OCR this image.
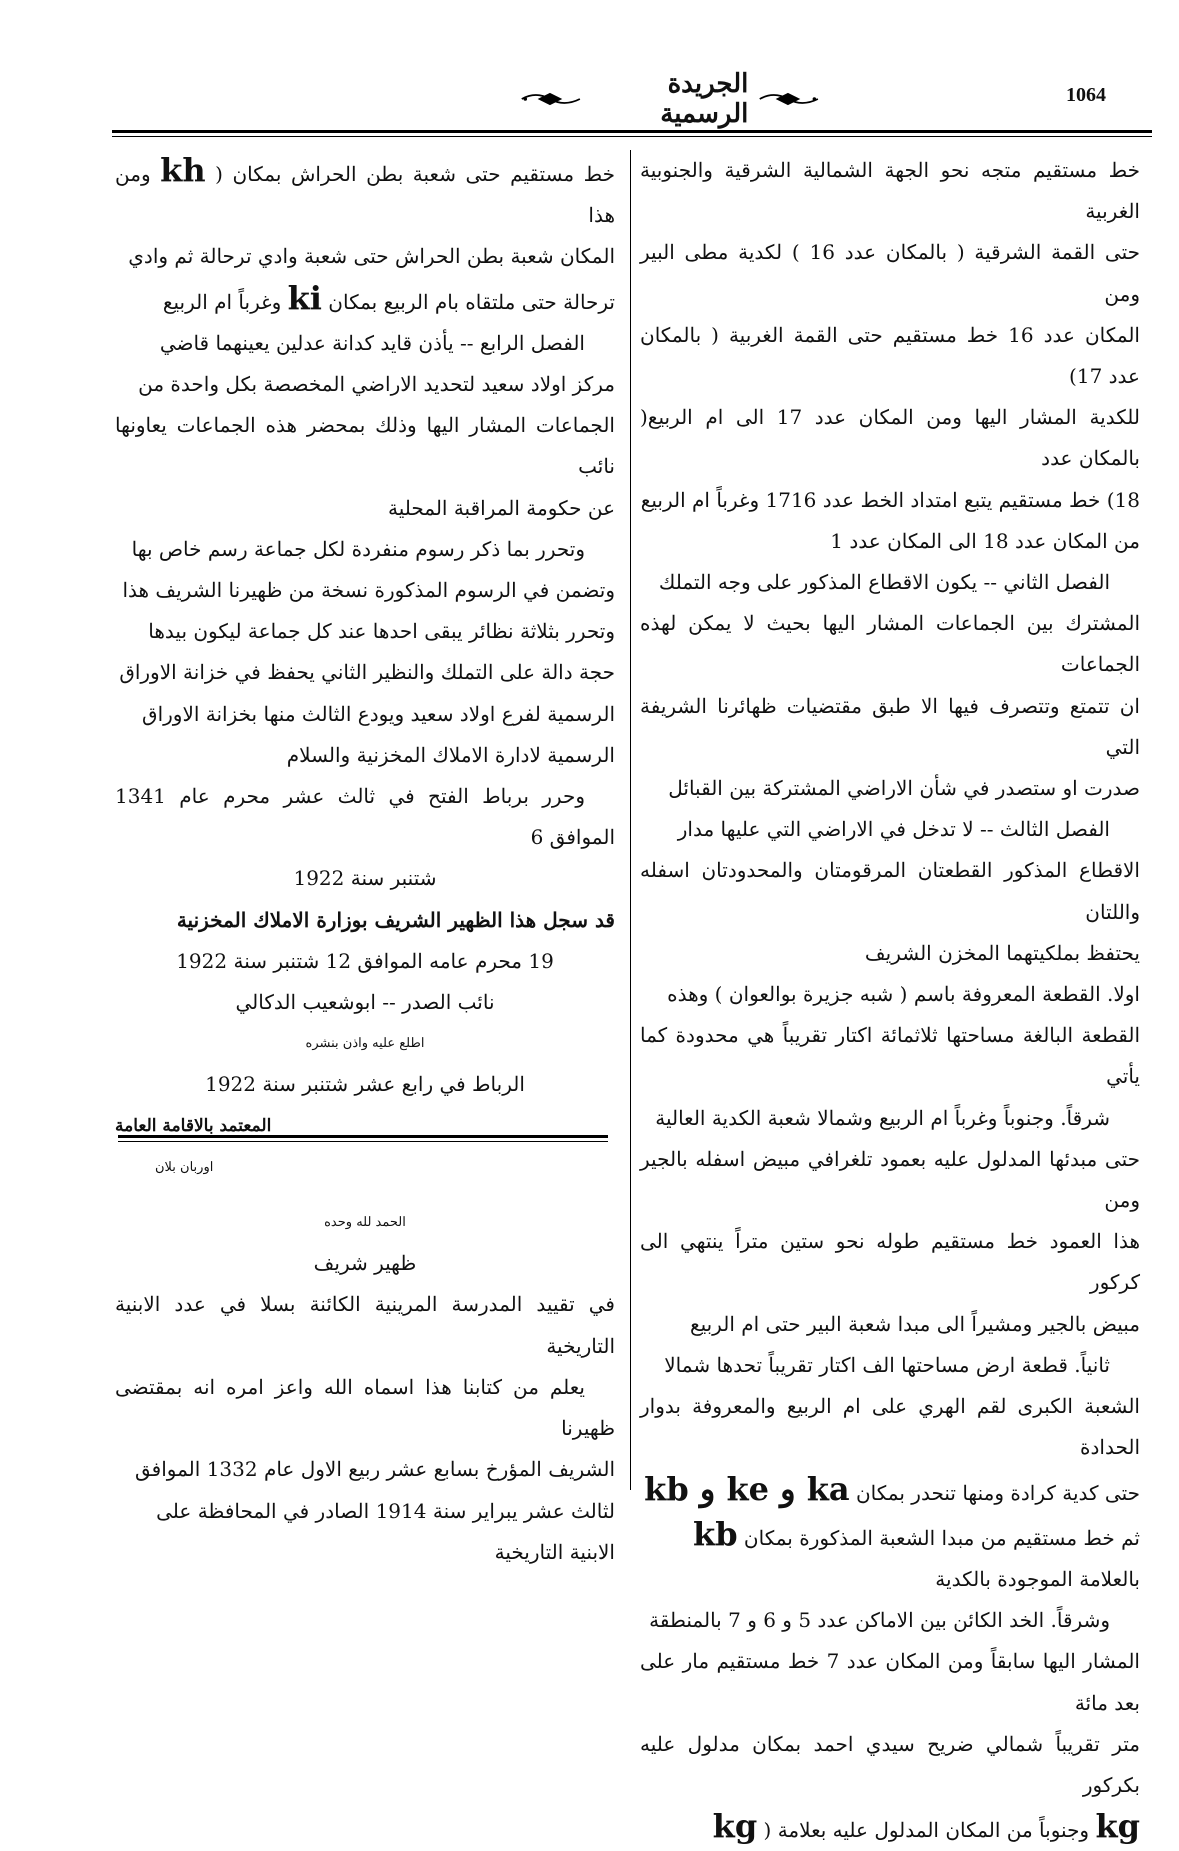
1064
الجريدة الرسمية

خط مستقيم متجه نحو الجهة الشمالية الشرقية والجنوبية الغربية

حتى القمة الشرقية ( بالمكان عدد 16 ) لكدية مطى البير ومن

المكان عدد 16 خط مستقيم حتى القمة الغربية ( بالمكان عدد 17)

للكدية المشار اليها ومن المكان عدد 17 الى ام الربيع( بالمكان عدد

18) خط مستقيم يتبع امتداد الخط عدد 1716 وغرباً ام الربيع

من المكان عدد 18 الى المكان عدد 1

الفصل الثاني -- يكون الاقطاع المذكور على وجه التملك

المشترك بين الجماعات المشار اليها بحيث لا يمكن لهذه الجماعات

ان تتمتع وتتصرف فيها الا طبق مقتضيات ظهائرنا الشريفة التي

صدرت او ستصدر في شأن الاراضي المشتركة بين القبائل

الفصل الثالث -- لا تدخل في الاراضي التي عليها مدار

الاقطاع المذكور القطعتان المرقومتان والمحدودتان اسفله واللتان

يحتفظ بملكيتهما المخزن الشريف

اولا. القطعة المعروفة باسم ( شبه جزيرة بوالعوان ) وهذه

القطعة البالغة مساحتها ثلاثمائة اكتار تقريباً هي محدودة كما يأتي

شرقاً. وجنوباً وغرباً ام الربيع وشمالا شعبة الكدية العالية

حتى مبدئها المدلول عليه بعمود تلغرافي مبيض اسفله بالجير ومن

هذا العمود خط مستقيم طوله نحو ستين متراً ينتهي الى كركور

مبيض بالجير ومشيراً الى مبدا شعبة البير حتى ام الربيع

ثانياً. قطعة ارض مساحتها الف اكتار تقريباً تحدها شمالا

الشعبة الكبرى لقم الهري على ام الربيع والمعروفة بدوار الحدادة

حتى كدية كرادة ومنها تنحدر بمكان kb و ke و ka

ثم خط مستقيم من مبدا الشعبة المذكورة بمكان kb

بالعلامة الموجودة بالكدية

وشرقاً. الخد الكائن بين الاماكن عدد 5 و 6 و 7 بالمنطقة

المشار اليها سابقاً ومن المكان عدد 7 خط مستقيم مار على بعد مائة

متر تقريباً شمالي ضريح سيدي احمد بمكان مدلول عليه بكركور

kg وجنوباً من المكان المدلول عليه بعلامة ( kg

خط مستقيم حتى شعبة بطن الحراش بمكان ( kh ومن هذا

المكان شعبة بطن الحراش حتى شعبة وادي ترحالة ثم وادي

ترحالة حتى ملتقاه بام الربيع بمكان ki وغرباً ام الربيع

الفصل الرابع -- يأذن قايد كدانة عدلين يعينهما قاضي

مركز اولاد سعيد لتحديد الاراضي المخصصة بكل واحدة من

الجماعات المشار اليها وذلك بمحضر هذه الجماعات يعاونها نائب

عن حكومة المراقبة المحلية

وتحرر بما ذكر رسوم منفردة لكل جماعة رسم خاص بها

وتضمن في الرسوم المذكورة نسخة من ظهيرنا الشريف هذا

وتحرر بثلاثة نظائر يبقى احدها عند كل جماعة ليكون بيدها

حجة دالة على التملك والنظير الثاني يحفظ في خزانة الاوراق

الرسمية لفرع اولاد سعيد ويودع الثالث منها بخزانة الاوراق

الرسمية لادارة الاملاك المخزنية والسلام

وحرر برباط الفتح في ثالث عشر محرم عام 1341 الموافق 6

شتنبر سنة 1922

قد سجل هذا الظهير الشريف بوزارة الاملاك المخزنية

19 محرم عامه الموافق 12 شتنبر سنة 1922

نائب الصدر -- ابوشعيب الدكالي

اطلع عليه واذن بنشره

الرباط في رابع عشر شتنبر سنة 1922

المعتمد بالاقامة العامة

اوربان بلان

الحمد لله وحده

ظهير شريف

في تقييد المدرسة المرينية الكائنة بسلا في عدد الابنية التاريخية

يعلم من كتابنا هذا اسماه الله واعز امره انه بمقتضى ظهيرنا

الشريف المؤرخ بسابع عشر ربيع الاول عام 1332 الموافق

لثالث عشر يبراير سنة 1914 الصادر في المحافظة على

الابنية التاريخية
